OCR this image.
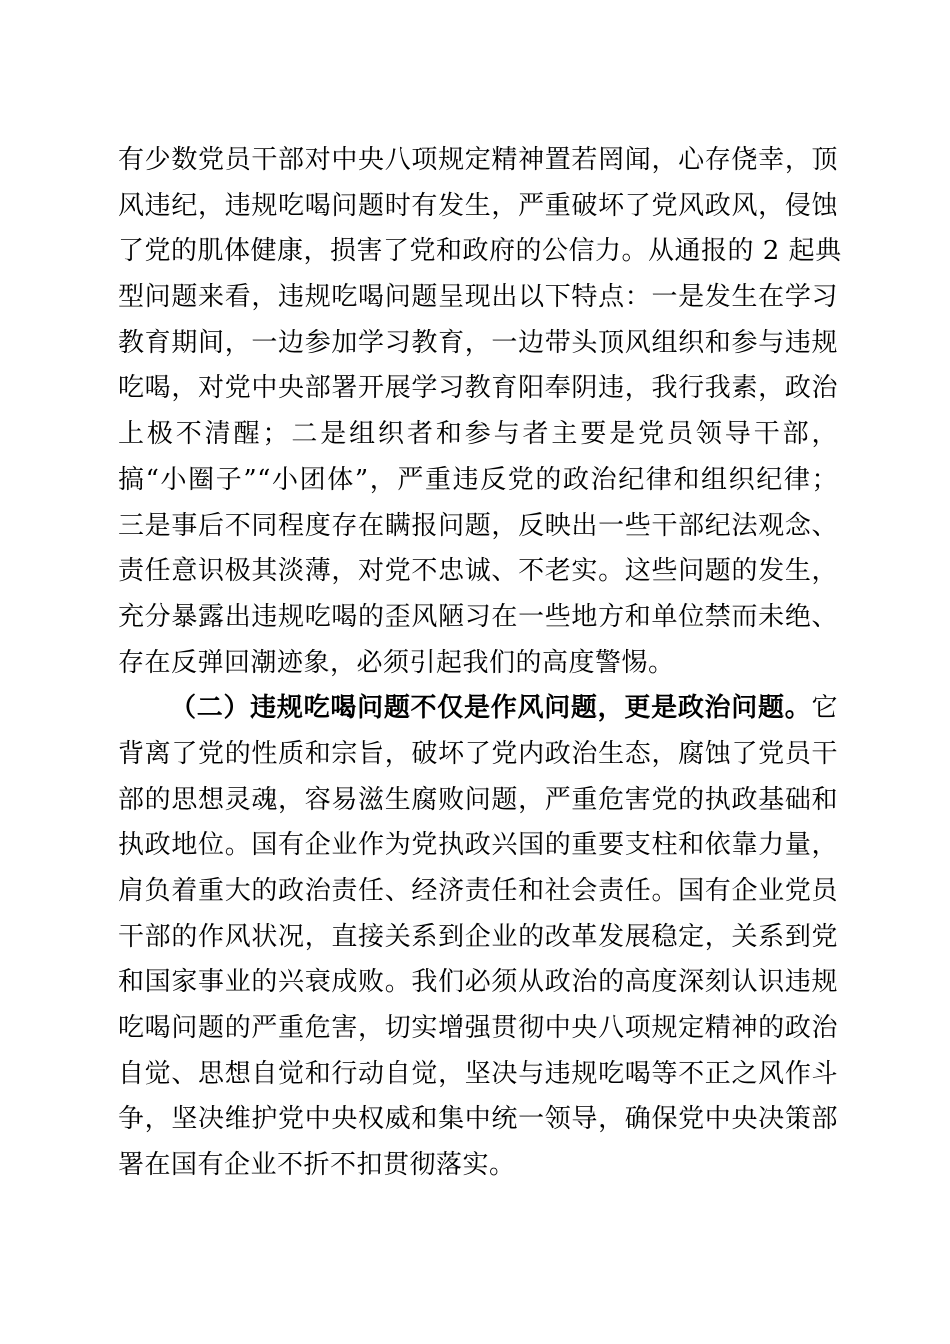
有少数党员干部对中央八项规定精神置若罔闻，心存侥幸，顶
风违纪，违规吃喝问题时有发生，严重破坏了党风政风，侵蚀
了党的肌体健康，损害了党和政府的公信力。从通报的 2 起典
型问题来看，违规吃喝问题呈现出以下特点：一是发生在学习
教育期间，一边参加学习教育，一边带头顶风组织和参与违规
吃喝，对党中央部署开展学习教育阳奉阴违，我行我素，政治
上极不清醒；二是组织者和参与者主要是党员领导干部，
搞“小圈子”“小团体”，严重违反党的政治纪律和组织纪律；
三是事后不同程度存在瞒报问题，反映出一些干部纪法观念、
责任意识极其淡薄，对党不忠诚、不老实。这些问题的发生，
充分暴露出违规吃喝的歪风陋习在一些地方和单位禁而未绝、
存在反弹回潮迹象，必须引起我们的高度警惕。
（二）违规吃喝问题不仅是作风问题，更是政治问题。它
背离了党的性质和宗旨，破坏了党内政治生态，腐蚀了党员干
部的思想灵魂，容易滋生腐败问题，严重危害党的执政基础和
执政地位。国有企业作为党执政兴国的重要支柱和依靠力量，
肩负着重大的政治责任、经济责任和社会责任。国有企业党员
干部的作风状况，直接关系到企业的改革发展稳定，关系到党
和国家事业的兴衰成败。我们必须从政治的高度深刻认识违规
吃喝问题的严重危害，切实增强贯彻中央八项规定精神的政治
自觉、思想自觉和行动自觉，坚决与违规吃喝等不正之风作斗
争，坚决维护党中央权威和集中统一领导，确保党中央决策部
署在国有企业不折不扣贯彻落实。
